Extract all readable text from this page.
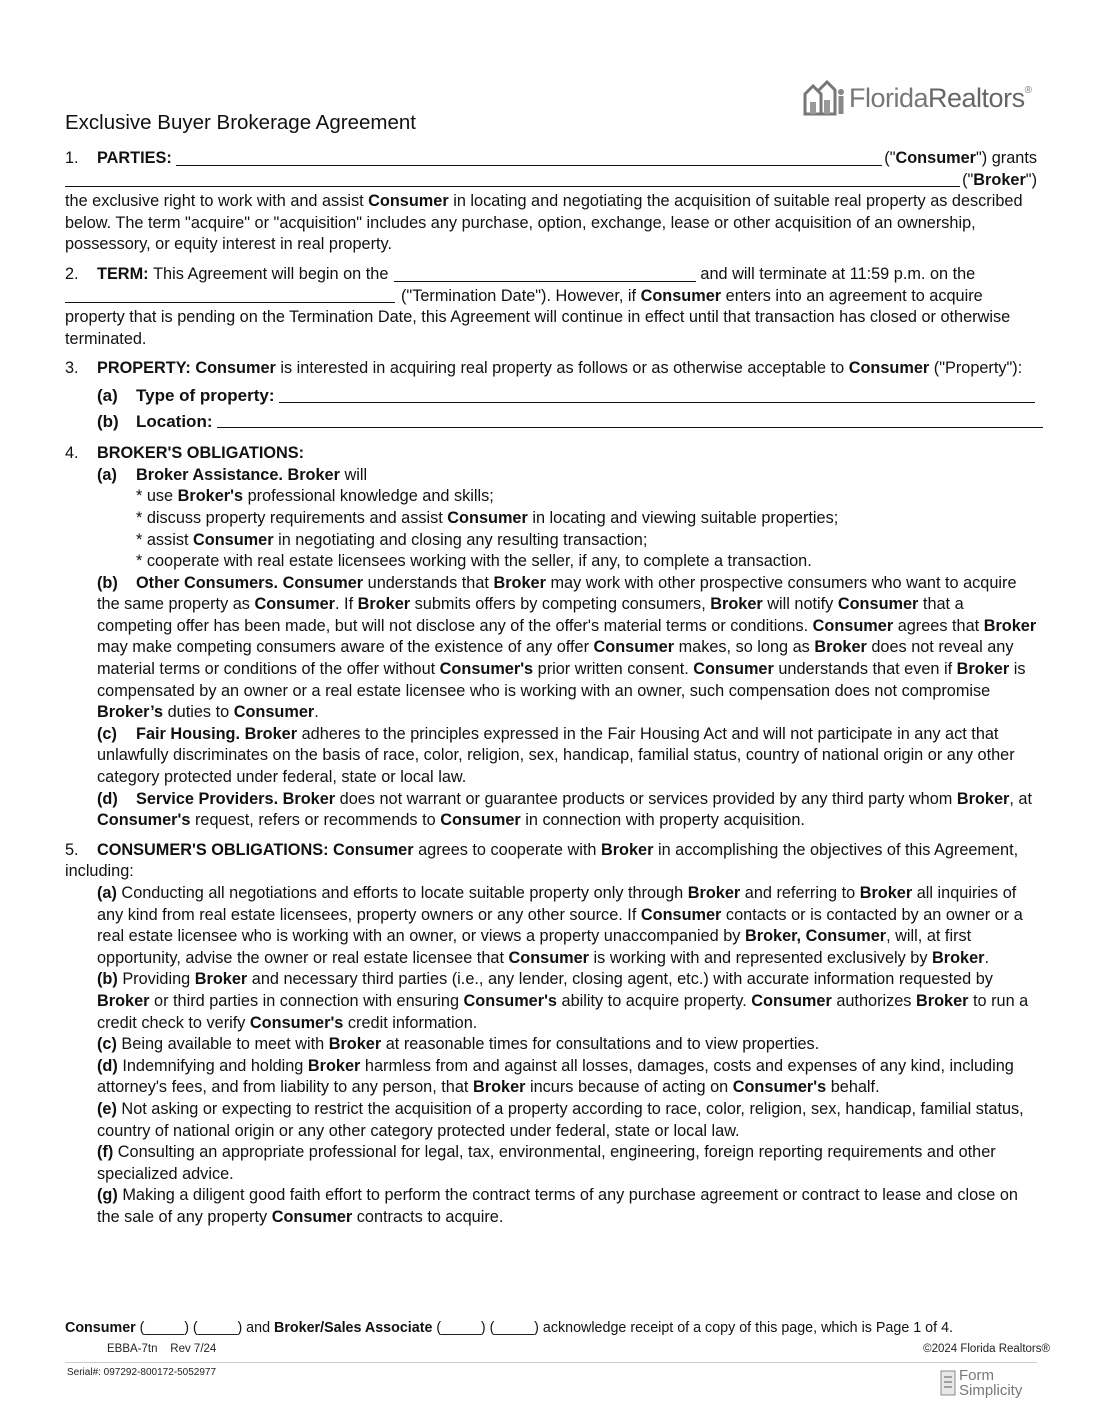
FloridaRealtors®
Exclusive Buyer Brokerage Agreement
1.	PARTIES:	("Consumer") grants
("Broker")

the exclusive right to work with and assist Consumer in locating and negotiating the acquisition of suitable real property as described below. The term "acquire" or "acquisition" includes any purchase, option, exchange, lease or other acquisition of an ownership, possessory, or equity interest in real property.

2.	TERM:
This Agreement will begin on the	and will terminate at 11:59 p.m. on the
("Termination Date"). However, if Consumer enters into an agreement to acquire

property that is pending on the Termination Date, this Agreement will continue in effect until that transaction has closed or otherwise terminated.

3. PROPERTY: Consumer is interested in acquiring real property as follows or as otherwise acceptable to Consumer ("Property"):

(a)	Type of property:
(b)	Location:

4. BROKER'S OBLIGATIONS:

(a) Broker Assistance. Broker will

* use Broker's professional knowledge and skills;

* discuss property requirements and assist Consumer in locating and viewing suitable properties;

* assist Consumer in negotiating and closing any resulting transaction;

* cooperate with real estate licensees working with the seller, if any, to complete a transaction.

(b) Other Consumers. Consumer understands that Broker may work with other prospective consumers who want to acquire the same property as Consumer. If Broker submits offers by competing consumers, Broker will notify Consumer that a competing offer has been made, but will not disclose any of the offer's material terms or conditions. Consumer agrees that Broker may make competing consumers aware of the existence of any offer Consumer makes, so long as Broker does not reveal any material terms or conditions of the offer without Consumer's prior written consent. Consumer understands that even if Broker is compensated by an owner or a real estate licensee who is working with an owner, such compensation does not compromise Broker’s duties to Consumer.

(c) Fair Housing. Broker adheres to the principles expressed in the Fair Housing Act and will not participate in any act that unlawfully discriminates on the basis of race, color, religion, sex, handicap, familial status, country of national origin or any other category protected under federal, state or local law.

(d) Service Providers. Broker does not warrant or guarantee products or services provided by any third party whom Broker, at Consumer's request, refers or recommends to Consumer in connection with property acquisition.

5. CONSUMER'S OBLIGATIONS: Consumer agrees to cooperate with Broker in accomplishing the objectives of this Agreement, including:

(a) Conducting all negotiations and efforts to locate suitable property only through Broker and referring to Broker all inquiries of any kind from real estate licensees, property owners or any other source. If Consumer contacts or is contacted by an owner or a real estate licensee who is working with an owner, or views a property unaccompanied by Broker, Consumer, will, at first opportunity, advise the owner or real estate licensee that Consumer is working with and represented exclusively by Broker.

(b) Providing Broker and necessary third parties (i.e., any lender, closing agent, etc.) with accurate information requested by Broker or third parties in connection with ensuring Consumer's ability to acquire property. Consumer authorizes Broker to run a credit check to verify Consumer's credit information.

(c) Being available to meet with Broker at reasonable times for consultations and to view properties.

(d) Indemnifying and holding Broker harmless from and against all losses, damages, costs and expenses of any kind, including attorney's fees, and from liability to any person, that Broker incurs because of acting on Consumer's behalf.

(e) Not asking or expecting to restrict the acquisition of a property according to race, color, religion, sex, handicap, familial status, country of national origin or any other category protected under federal, state or local law.

(f) Consulting an appropriate professional for legal, tax, environmental, engineering, foreign reporting requirements and other specialized advice.

(g) Making a diligent good faith effort to perform the contract terms of any purchase agreement or contract to lease and close on the sale of any property Consumer contracts to acquire.

Consumer (_____) (_____) and Broker/Sales Associate (_____) (_____) acknowledge receipt of a copy of this page, which is Page 1 of 4.
EBBA-7tn    Rev 7/24	©2024 Florida Realtors®
Serial#: 097292-800172-5052977	Form
Simplicity
